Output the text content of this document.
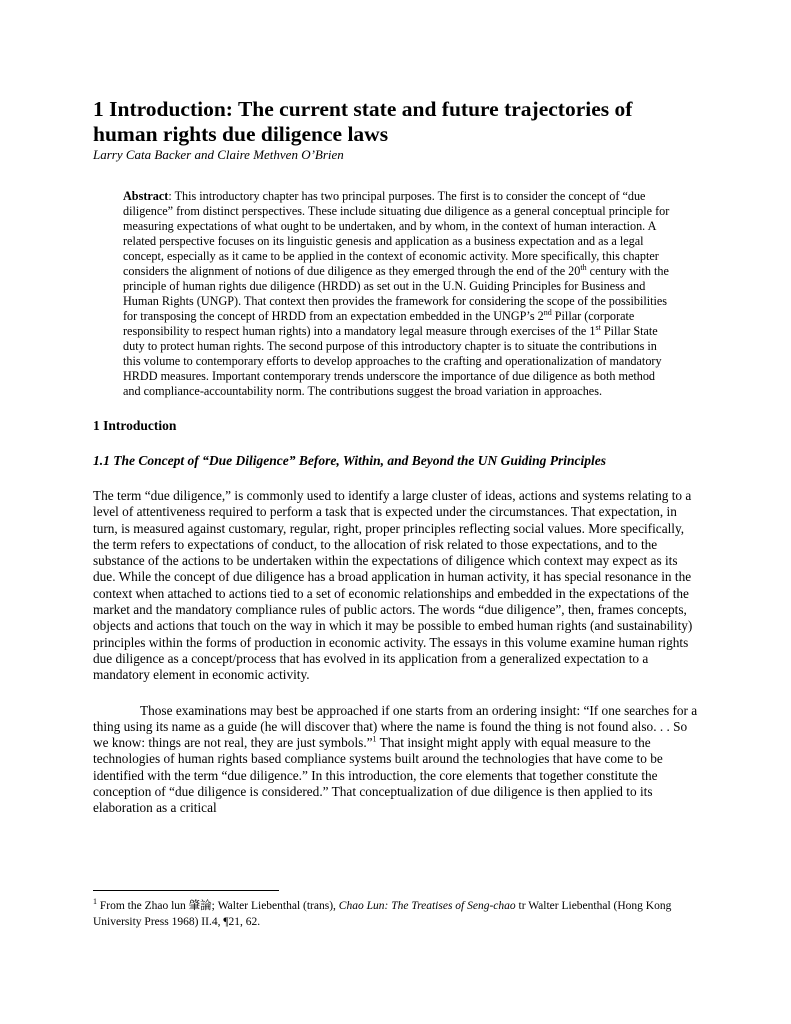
1 Introduction: The current state and future trajectories of human rights due diligence laws

Larry Cata Backer and Claire Methven O’Brien

Abstract: This introductory chapter has two principal purposes. The first is to consider the concept of “due diligence” from distinct perspectives. These include situating due diligence as a general conceptual principle for measuring expectations of what ought to be undertaken, and by whom, in the context of human interaction. A related perspective focuses on its linguistic genesis and application as a business expectation and as a legal concept, especially as it came to be applied in the context of economic activity. More specifically, this chapter considers the alignment of notions of due diligence as they emerged through the end of the 20th century with the principle of human rights due diligence (HRDD) as set out in the U.N. Guiding Principles for Business and Human Rights (UNGP). That context then provides the framework for considering the scope of the possibilities for transposing the concept of HRDD from an expectation embedded in the UNGP’s 2nd Pillar (corporate responsibility to respect human rights) into a mandatory legal measure through exercises of the 1st Pillar State duty to protect human rights. The second purpose of this introductory chapter is to situate the contributions in this volume to contemporary efforts to develop approaches to the crafting and operationalization of mandatory HRDD measures. Important contemporary trends underscore the importance of due diligence as both method and compliance-accountability norm. The contributions suggest the broad variation in approaches.

1 Introduction

1.1 The Concept of “Due Diligence” Before, Within, and Beyond the UN Guiding Principles

The term “due diligence,” is commonly used to identify a large cluster of ideas, actions and systems relating to a level of attentiveness required to perform a task that is expected under the circumstances. That expectation, in turn, is measured against customary, regular, right, proper principles reflecting social values. More specifically, the term refers to expectations of conduct, to the allocation of risk related to those expectations, and to the substance of the actions to be undertaken within the expectations of diligence which context may expect as its due. While the concept of due diligence has a broad application in human activity, it has special resonance in the context when attached to actions tied to a set of economic relationships and embedded in the expectations of the market and the mandatory compliance rules of public actors. The words “due diligence”, then, frames concepts, objects and actions that touch on the way in which it may be possible to embed human rights (and sustainability) principles within the forms of production in economic activity. The essays in this volume examine human rights due diligence as a concept/process that has evolved in its application from a generalized expectation to a mandatory element in economic activity.

Those examinations may best be approached if one starts from an ordering insight: “If one searches for a thing using its name as a guide (he will discover that) where the name is found the thing is not found also. . . So we know: things are not real, they are just symbols.”$^1$ That insight might apply with equal measure to the technologies of human rights based compliance systems built around the technologies that have come to be identified with the term “due diligence.” In this introduction, the core elements that together constitute the conception of “due diligence is considered.” That conceptualization of due diligence is then applied to its elaboration as a critical

$^1$ From the Zhao lun 肇論; Walter Liebenthal (trans), Chao Lun: The Treatises of Seng-chao tr Walter Liebenthal (Hong Kong University Press 1968) II.4, ¶21, 62.
